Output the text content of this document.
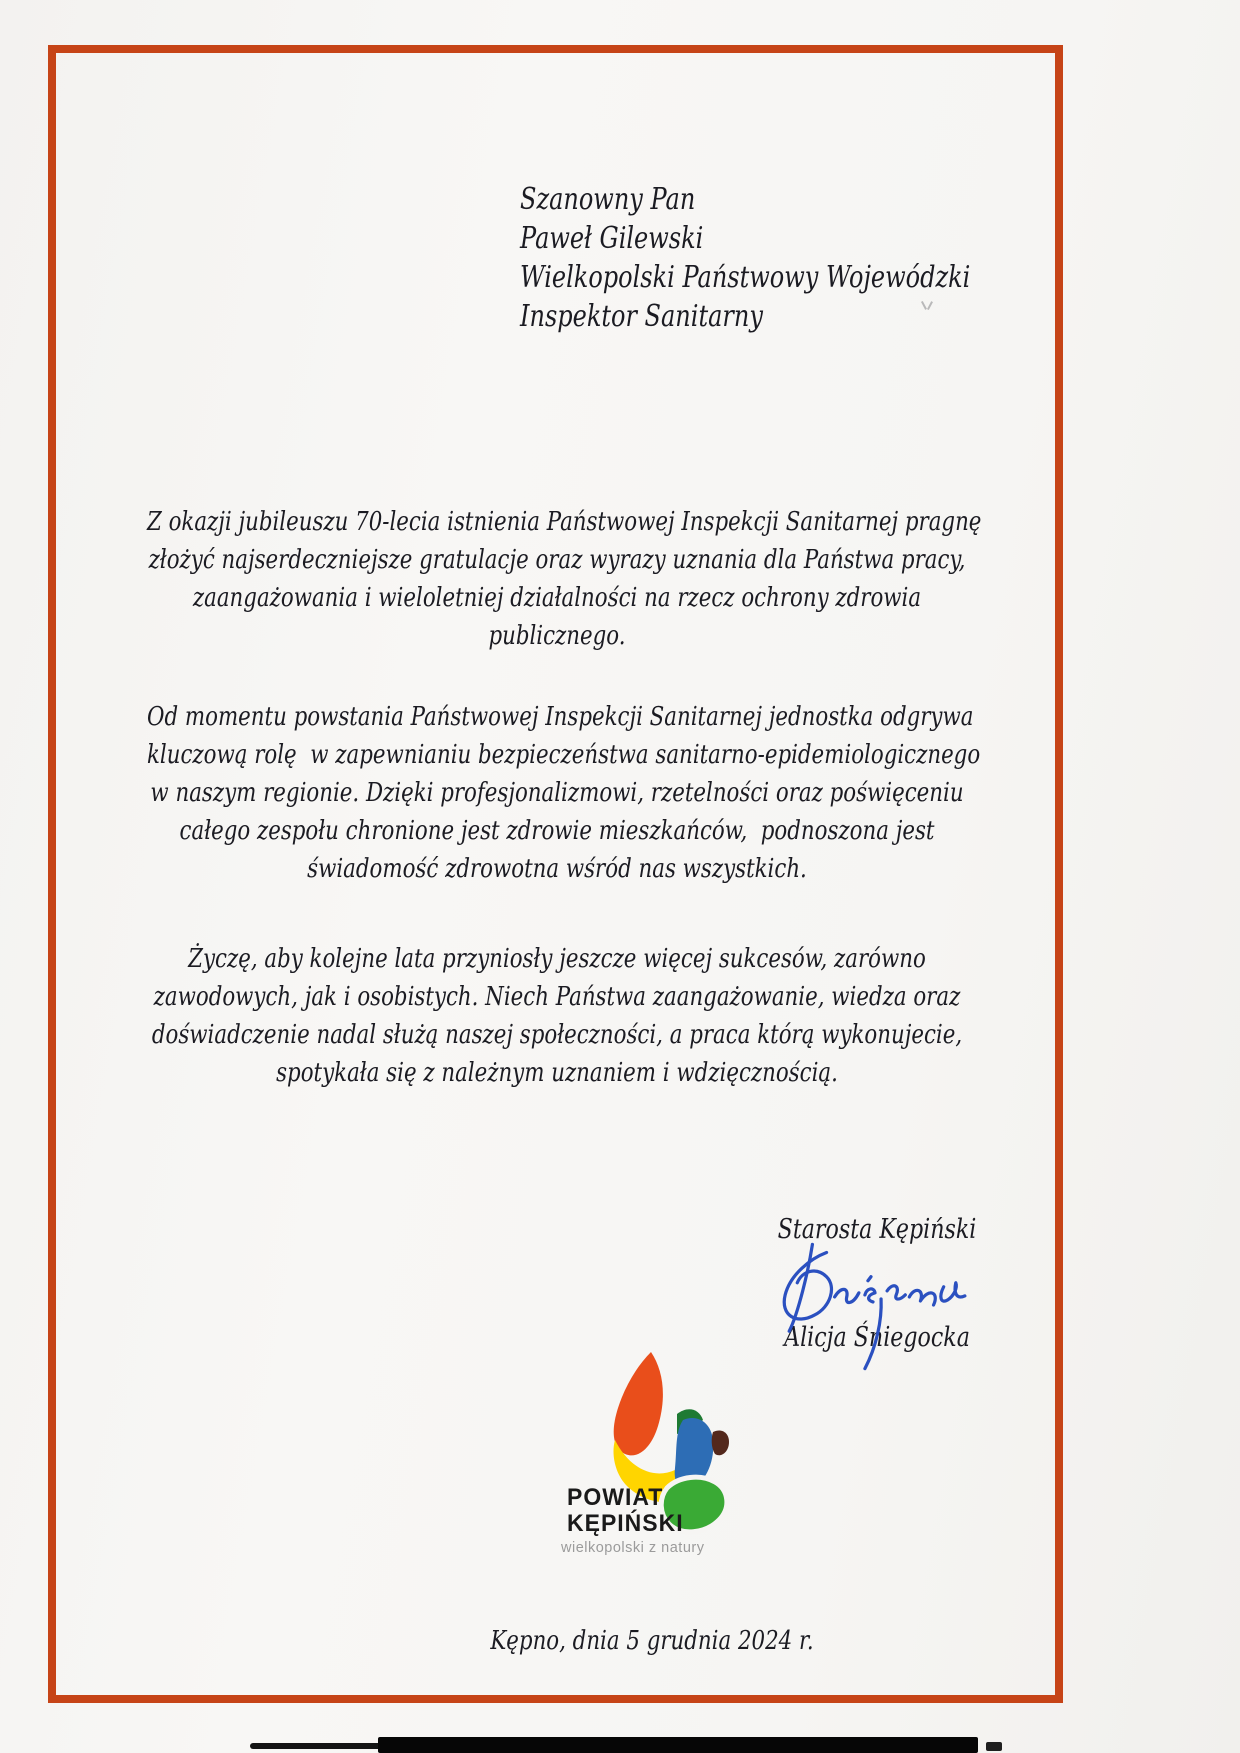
Szanowny Pan
Paweł Gilewski
Wielkopolski Państwowy Wojewódzki
Inspektor Sanitarny
Z okazji jubileuszu 70-lecia istnienia Państwowej Inspekcji Sanitarnej pragnę
złożyć najserdeczniejsze gratulacje oraz wyrazy uznania dla Państwa pracy,
zaangażowania i wieloletniej działalności na rzecz ochrony zdrowia
publicznego.
Od momentu powstania Państwowej Inspekcji Sanitarnej jednostka odgrywa
kluczową rolę  w zapewnianiu bezpieczeństwa sanitarno-epidemiologicznego
w naszym regionie. Dzięki profesjonalizmowi, rzetelności oraz poświęceniu
całego zespołu chronione jest zdrowie mieszkańców,  podnoszona jest
świadomość zdrowotna wśród nas wszystkich.
Życzę, aby kolejne lata przyniosły jeszcze więcej sukcesów, zarówno
zawodowych, jak i osobistych. Niech Państwa zaangażowanie, wiedza oraz
doświadczenie nadal służą naszej społeczności, a praca którą wykonujecie,
spotykała się z należnym uznaniem i wdzięcznością.
Starosta Kępiński
Alicja Śniegocka
POWIAT
KĘPIŃSKI
wielkopolski z natury
Kępno, dnia 5 grudnia 2024 r.
